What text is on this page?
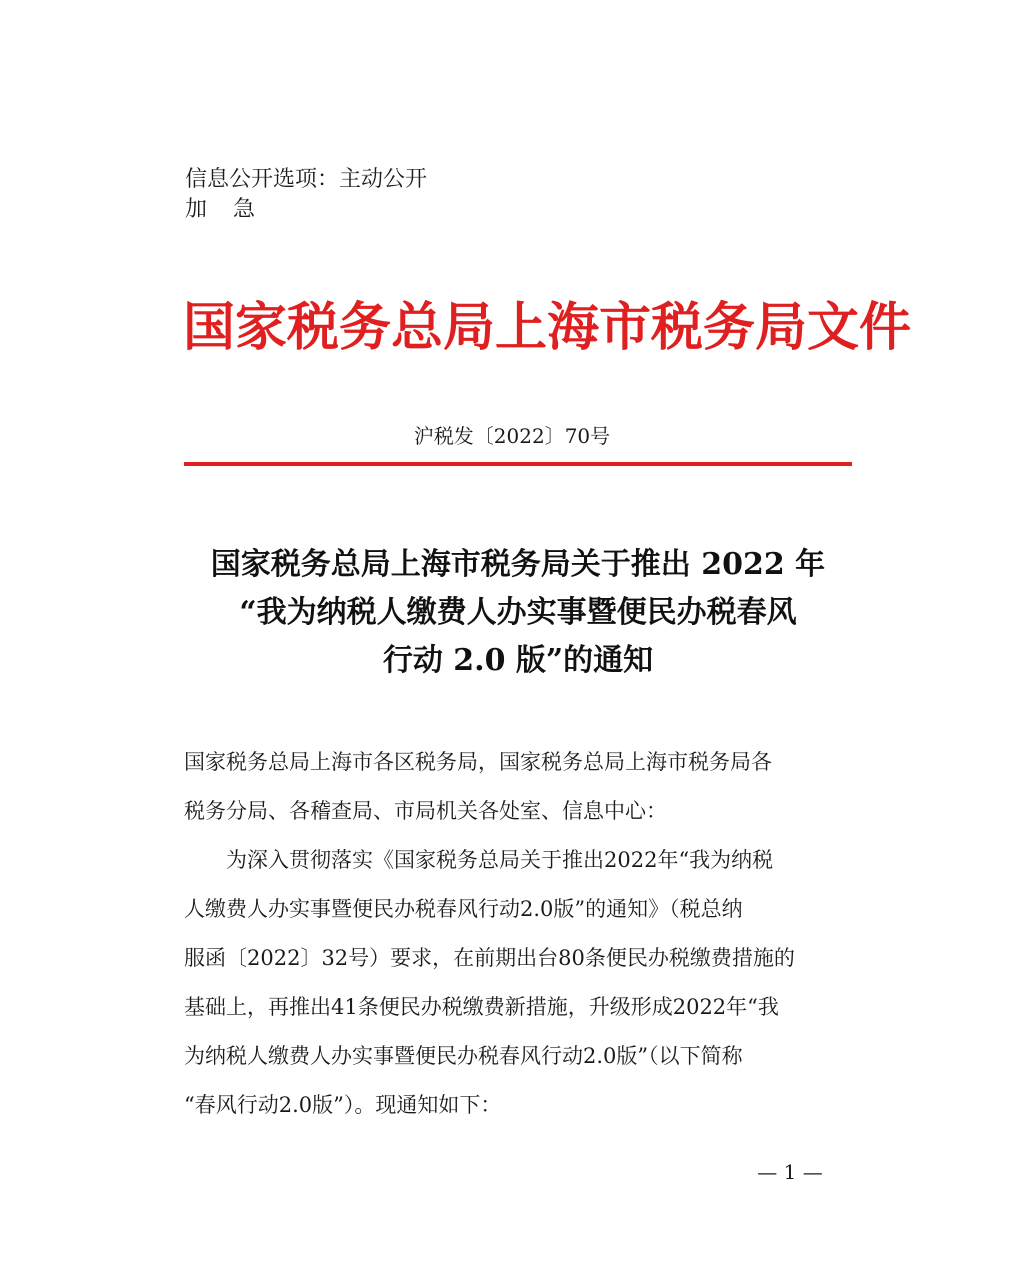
信息公开选项：主动公开
加　急
国家税务总局上海市税务局文件
沪税发〔2022〕70号
国家税务总局上海市税务局关于推出 2022 年
“我为纳税人缴费人办实事暨便民办税春风
行动 2.0 版”的通知
国家税务总局上海市各区税务局，国家税务总局上海市税务局各
税务分局、各稽查局、市局机关各处室、信息中心：
为深入贯彻落实《国家税务总局关于推出2022年“我为纳税
人缴费人办实事暨便民办税春风行动2.0版”的通知》（税总纳
服函〔2022〕32号）要求，在前期出台80条便民办税缴费措施的
基础上，再推出41条便民办税缴费新措施，升级形成2022年“我
为纳税人缴费人办实事暨便民办税春风行动2.0版”（以下简称
“春风行动2.0版”）。现通知如下：
— 1 —
